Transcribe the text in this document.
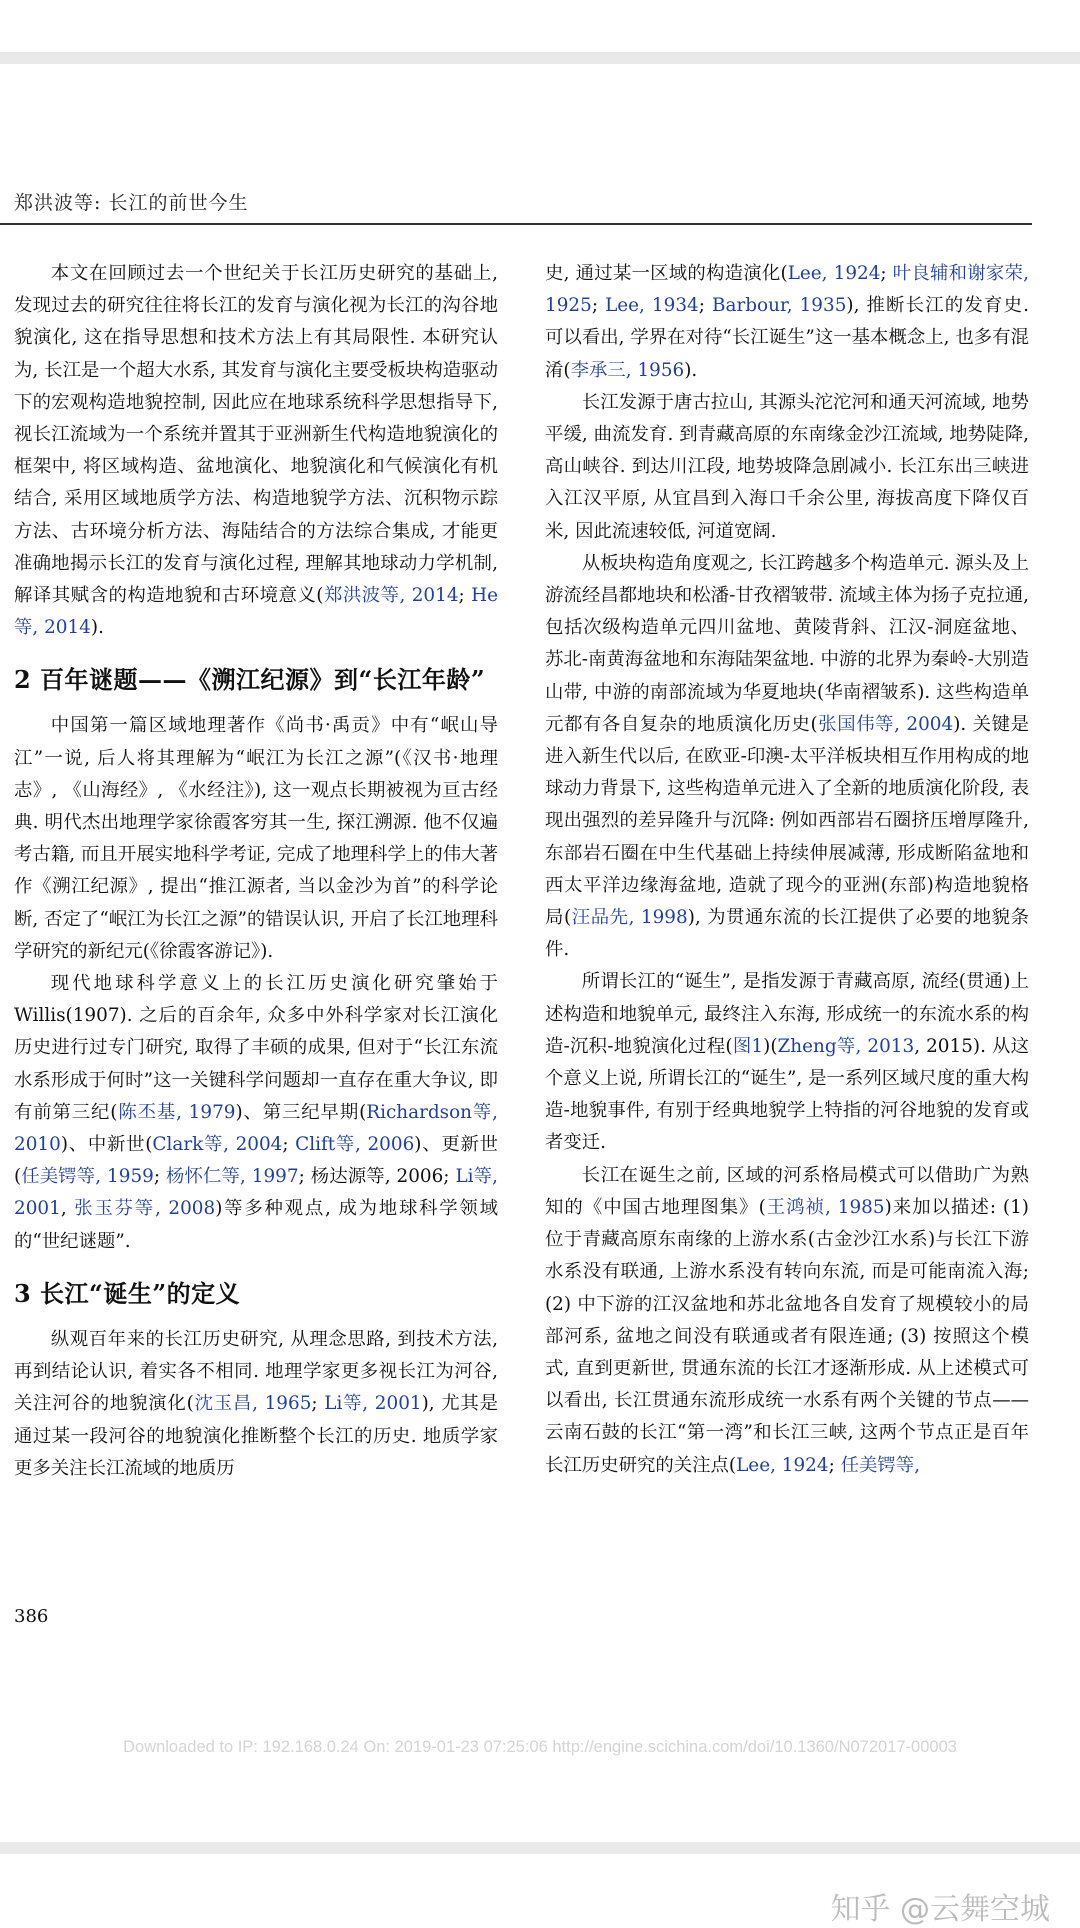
郑洪波等: 长江的前世今生

本文在回顾过去一个世纪关于长江历史研究的基础上, 发现过去的研究往往将长江的发育与演化视为长江的沟谷地貌演化, 这在指导思想和技术方法上有其局限性. 本研究认为, 长江是一个超大水系, 其发育与演化主要受板块构造驱动下的宏观构造地貌控制, 因此应在地球系统科学思想指导下, 视长江流域为一个系统并置其于亚洲新生代构造地貌演化的框架中, 将区域构造、盆地演化、地貌演化和气候演化有机结合, 采用区域地质学方法、构造地貌学方法、沉积物示踪方法、古环境分析方法、海陆结合的方法综合集成, 才能更准确地揭示长江的发育与演化过程, 理解其地球动力学机制, 解译其赋含的构造地貌和古环境意义(郑洪波等, 2014; He等, 2014).

2 百年谜题——《溯江纪源》到“长江年龄”

中国第一篇区域地理著作《尚书·禹贡》中有“岷山导江”一说, 后人将其理解为“岷江为长江之源”(《汉书·地理志》, 《山海经》, 《水经注》), 这一观点长期被视为亘古经典. 明代杰出地理学家徐霞客穷其一生, 探江溯源. 他不仅遍考古籍, 而且开展实地科学考证, 完成了地理科学上的伟大著作《溯江纪源》, 提出“推江源者, 当以金沙为首”的科学论断, 否定了“岷江为长江之源”的错误认识, 开启了长江地理科学研究的新纪元(《徐霞客游记》).

现代地球科学意义上的长江历史演化研究肇始于Willis(1907). 之后的百余年, 众多中外科学家对长江演化历史进行过专门研究, 取得了丰硕的成果, 但对于“长江东流水系形成于何时”这一关键科学问题却一直存在重大争议, 即有前第三纪(陈丕基, 1979)、第三纪早期(Richardson等, 2010)、中新世(Clark等, 2004; Clift等, 2006)、更新世(任美锷等, 1959; 杨怀仁等, 1997; 杨达源等, 2006; Li等, 2001, 张玉芬等, 2008)等多种观点, 成为地球科学领域的“世纪谜题”.

3 长江“诞生”的定义

纵观百年来的长江历史研究, 从理念思路, 到技术方法, 再到结论认识, 着实各不相同. 地理学家更多视长江为河谷, 关注河谷的地貌演化(沈玉昌, 1965; Li等, 2001), 尤其是通过某一段河谷的地貌演化推断整个长江的历史. 地质学家更多关注长江流域的地质历

史, 通过某一区域的构造演化(Lee, 1924; 叶良辅和谢家荣, 1925; Lee, 1934; Barbour, 1935), 推断长江的发育史. 可以看出, 学界在对待“长江诞生”这一基本概念上, 也多有混淆(李承三, 1956).

长江发源于唐古拉山, 其源头沱沱河和通天河流域, 地势平缓, 曲流发育. 到青藏高原的东南缘金沙江流域, 地势陡降, 高山峡谷. 到达川江段, 地势坡降急剧减小. 长江东出三峡进入江汉平原, 从宜昌到入海口千余公里, 海拔高度下降仅百米, 因此流速较低, 河道宽阔.

从板块构造角度观之, 长江跨越多个构造单元. 源头及上游流经昌都地块和松潘-甘孜褶皱带. 流域主体为扬子克拉通, 包括次级构造单元四川盆地、黄陵背斜、江汉-洞庭盆地、苏北-南黄海盆地和东海陆架盆地. 中游的北界为秦岭-大别造山带, 中游的南部流域为华夏地块(华南褶皱系). 这些构造单元都有各自复杂的地质演化历史(张国伟等, 2004). 关键是进入新生代以后, 在欧亚-印澳-太平洋板块相互作用构成的地球动力背景下, 这些构造单元进入了全新的地质演化阶段, 表现出强烈的差异隆升与沉降: 例如西部岩石圈挤压增厚隆升, 东部岩石圈在中生代基础上持续伸展减薄, 形成断陷盆地和西太平洋边缘海盆地, 造就了现今的亚洲(东部)构造地貌格局(汪品先, 1998), 为贯通东流的长江提供了必要的地貌条件.

所谓长江的“诞生”, 是指发源于青藏高原, 流经(贯通)上述构造和地貌单元, 最终注入东海, 形成统一的东流水系的构造-沉积-地貌演化过程(图1)(Zheng等, 2013, 2015). 从这个意义上说, 所谓长江的“诞生”, 是一系列区域尺度的重大构造-地貌事件, 有别于经典地貌学上特指的河谷地貌的发育或者变迁.

长江在诞生之前, 区域的河系格局模式可以借助广为熟知的《中国古地理图集》(王鸿祯, 1985)来加以描述: (1) 位于青藏高原东南缘的上游水系(古金沙江水系)与长江下游水系没有联通, 上游水系没有转向东流, 而是可能南流入海; (2) 中下游的江汉盆地和苏北盆地各自发育了规模较小的局部河系, 盆地之间没有联通或者有限连通; (3) 按照这个模式, 直到更新世, 贯通东流的长江才逐渐形成. 从上述模式可以看出, 长江贯通东流形成统一水系有两个关键的节点——云南石鼓的长江“第一湾”和长江三峡, 这两个节点正是百年长江历史研究的关注点(Lee, 1924; 任美锷等,

386
Downloaded to IP: 192.168.0.24 On: 2019-01-23 07:25:06 http://engine.scichina.com/doi/10.1360/N072017-00003
知乎 @云舞空城
